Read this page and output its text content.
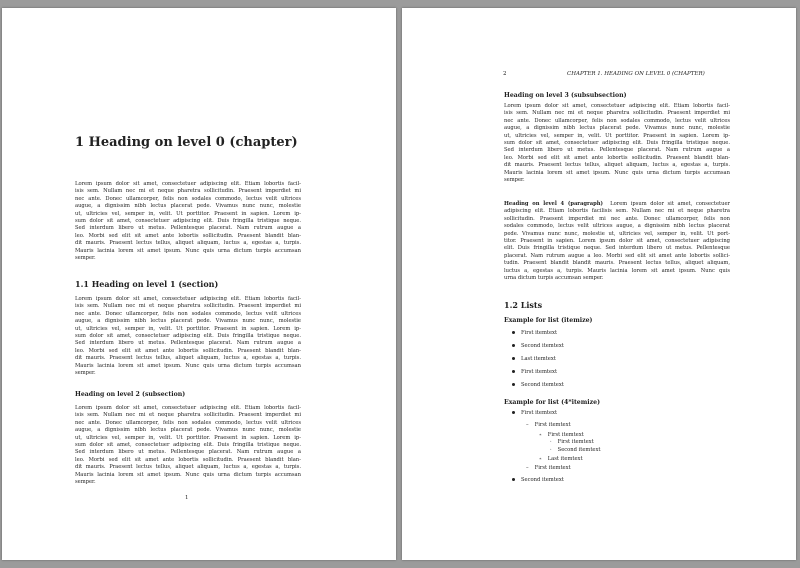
1 Heading on level 0 (chapter)

Lorem ipsum dolor sit amet, consectetuer adipiscing elit. Etiam lobortis facil-
isis sem. Nullam nec mi et neque pharetra sollicitudin. Praesent imperdiet mi
nec ante. Donec ullamcorper, felis non sodales commodo, lectus velit ultrices
augue, a dignissim nibh lectus placerat pede. Vivamus nunc nunc, molestie
ut, ultricies vel, semper in, velit. Ut porttitor. Praesent in sapien. Lorem ip-
sum dolor sit amet, consectetuer adipiscing elit. Duis fringilla tristique neque.
Sed interdum libero ut metus. Pellentesque placerat. Nam rutrum augue a
leo. Morbi sed elit sit amet ante lobortis sollicitudin. Praesent blandit blan-
dit mauris. Praesent lectus tellus, aliquet aliquam, luctus a, egestas a, turpis.
Mauris lacinia lorem sit amet ipsum. Nunc quis urna dictum turpis accumsan
semper.

1.1 Heading on level 1 (section)

Lorem ipsum dolor sit amet, consectetuer adipiscing elit. Etiam lobortis facil-
isis sem. Nullam nec mi et neque pharetra sollicitudin. Praesent imperdiet mi
nec ante. Donec ullamcorper, felis non sodales commodo, lectus velit ultrices
augue, a dignissim nibh lectus placerat pede. Vivamus nunc nunc, molestie
ut, ultricies vel, semper in, velit. Ut porttitor. Praesent in sapien. Lorem ip-
sum dolor sit amet, consectetuer adipiscing elit. Duis fringilla tristique neque.
Sed interdum libero ut metus. Pellentesque placerat. Nam rutrum augue a
leo. Morbi sed elit sit amet ante lobortis sollicitudin. Praesent blandit blan-
dit mauris. Praesent lectus tellus, aliquet aliquam, luctus a, egestas a, turpis.
Mauris lacinia lorem sit amet ipsum. Nunc quis urna dictum turpis accumsan
semper.

Heading on level 2 (subsection)

Lorem ipsum dolor sit amet, consectetuer adipiscing elit. Etiam lobortis facil-
isis sem. Nullam nec mi et neque pharetra sollicitudin. Praesent imperdiet mi
nec ante. Donec ullamcorper, felis non sodales commodo, lectus velit ultrices
augue, a dignissim nibh lectus placerat pede. Vivamus nunc nunc, molestie
ut, ultricies vel, semper in, velit. Ut porttitor. Praesent in sapien. Lorem ip-
sum dolor sit amet, consectetuer adipiscing elit. Duis fringilla tristique neque.
Sed interdum libero ut metus. Pellentesque placerat. Nam rutrum augue a
leo. Morbi sed elit sit amet ante lobortis sollicitudin. Praesent blandit blan-
dit mauris. Praesent lectus tellus, aliquet aliquam, luctus a, egestas a, turpis.
Mauris lacinia lorem sit amet ipsum. Nunc quis urna dictum turpis accumsan
semper.

1
2	CHAPTER 1. HEADING ON LEVEL 0 (CHAPTER)
Heading on level 3 (subsubsection)

Lorem ipsum dolor sit amet, consectetuer adipiscing elit. Etiam lobortis facil-
isis sem. Nullam nec mi et neque pharetra sollicitudin. Praesent imperdiet mi
nec ante. Donec ullamcorper, felis non sodales commodo, lectus velit ultrices
augue, a dignissim nibh lectus placerat pede. Vivamus nunc nunc, molestie
ut, ultricies vel, semper in, velit. Ut porttitor. Praesent in sapien. Lorem ip-
sum dolor sit amet, consectetuer adipiscing elit. Duis fringilla tristique neque.
Sed interdum libero ut metus. Pellentesque placerat. Nam rutrum augue a
leo. Morbi sed elit sit amet ante lobortis sollicitudin. Praesent blandit blan-
dit mauris. Praesent lectus tellus, aliquet aliquam, luctus a, egestas a, turpis.
Mauris lacinia lorem sit amet ipsum. Nunc quis urna dictum turpis accumsan
semper.

Heading on level 4 (paragraph) Lorem ipsum dolor sit amet, consectetuer
adipiscing elit. Etiam lobortis facilisis sem. Nullam nec mi et neque pharetra
sollicitudin. Praesent imperdiet mi nec ante. Donec ullamcorper, felis non
sodales commodo, lectus velit ultrices augue, a dignissim nibh lectus placerat
pede. Vivamus nunc nunc, molestie ut, ultricies vel, semper in, velit. Ut port-
titor. Praesent in sapien. Lorem ipsum dolor sit amet, consectetuer adipiscing
elit. Duis fringilla tristique neque. Sed interdum libero ut metus. Pellentesque
placerat. Nam rutrum augue a leo. Morbi sed elit sit amet ante lobortis sollici-
tudin. Praesent blandit blandit mauris. Praesent lectus tellus, aliquet aliquam,
luctus a, egestas a, turpis. Mauris lacinia lorem sit amet ipsum. Nunc quis
urna dictum turpis accumsan semper.

1.2 Lists
Example for list (itemize)
First itemtext
Second itemtext
Last itemtext
First itemtext
Second itemtext
Example for list (4*itemize)
First itemtext
– First itemtext
∗ First itemtext
· First itemtext
· Second itemtext
∗ Last itemtext
– First itemtext
Second itemtext
